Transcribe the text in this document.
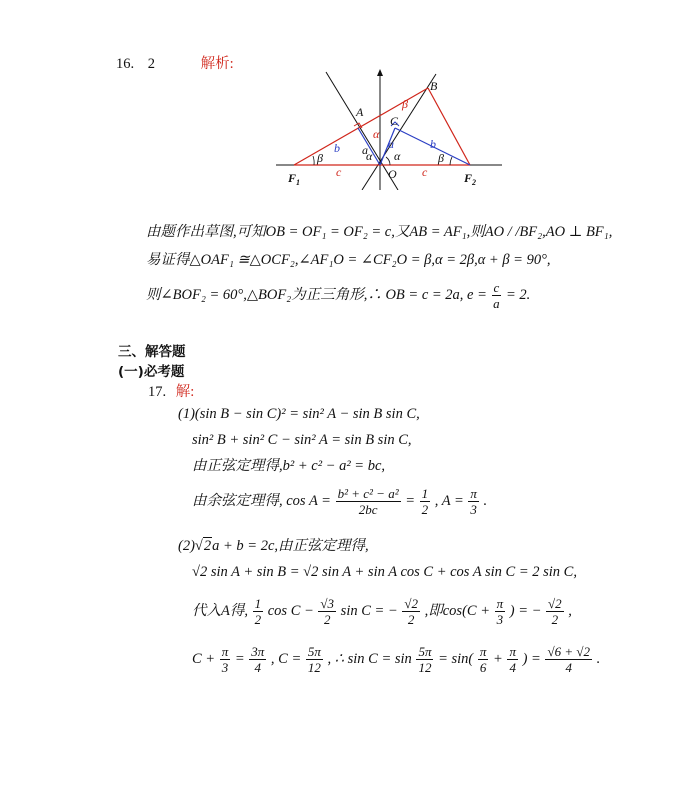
16. 2	解析:
A
B
C
O
$F_1$	$F_2$
a a
b	b
c	c
β	β
β
α
α α
由题作出草图,可知OB = OF₁ = OF₂ = c,又AB = AF₁,则AO / /BF₂,AO ⊥ BF₁,
易证得△OAF₁ ≅△OCF₂,∠AF₁O = ∠CF₂O = β,α = 2β,α + β = 90°,
则∠BOF₂ = 60°,△BOF₂为正三角形,∴ OB = c = 2a, $e = \frac{c}{a} = 2$.
三、解答题
(一)必考题
17. 解:
(1)(sin B − sin C)² = sin² A − sin B sin C,
sin² B + sin² C − sin² A = sin B sin C,
由正弦定理得,b² + c² − a² = bc,
由余弦定理得, $\cos A = \frac{\text{b² + c² − a²}}{2bc} = \frac{1}{2}$ , $A = \frac{\pi}{3}$ .
(2)√2a + b = 2c,由正弦定理得,
√2 sin A + sin B = √2 sin A + sin A cos C + cos A sin C = 2 sin C,
代入A得, $\frac{1}{2}$ $\cos C - \frac{√3}{2}$ sin C = − $\frac{√2}{2}$ ,即$\cos(C + \frac{\pi}{3}$ ) = − $\frac{√2}{2}$ ,
$C + \frac{\pi}{3} = \frac{3\pi}{4}$ , $C = \frac{5\pi}{12}$ , ∴ $\sin C = \sin \frac{5\pi}{12} = \sin( \frac{\pi}{6} + \frac{\pi}{4}$ ) = $\frac{√6 + √2}{4}$ .
